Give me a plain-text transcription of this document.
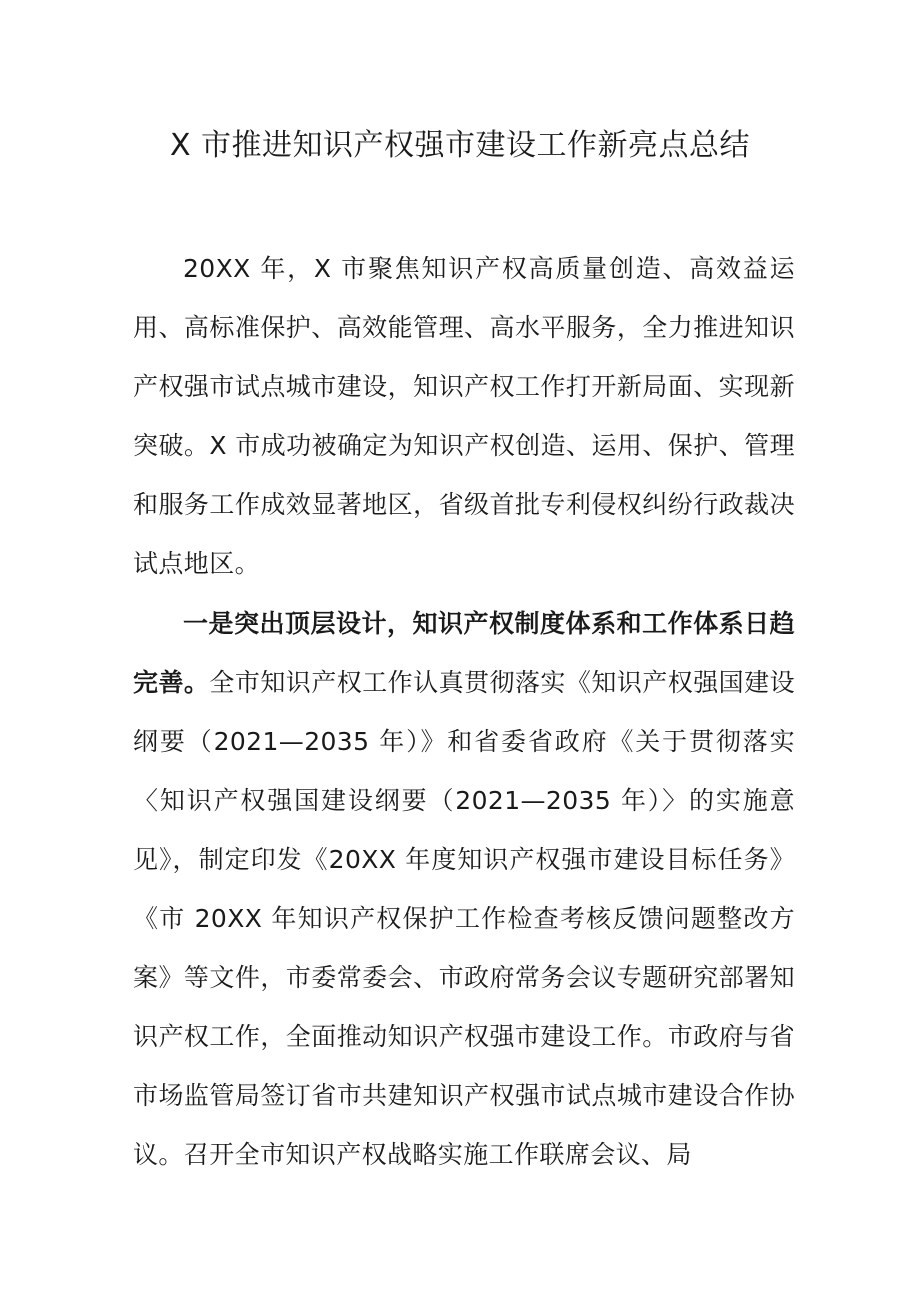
X 市推进知识产权强市建设工作新亮点总结

20XX 年，X 市聚焦知识产权高质量创造、高效益运用、高标准保护、高效能管理、高水平服务，全力推进知识产权强市试点城市建设，知识产权工作打开新局面、实现新突破。X 市成功被确定为知识产权创造、运用、保护、管理和服务工作成效显著地区，省级首批专利侵权纠纷行政裁决试点地区。

一是突出顶层设计，知识产权制度体系和工作体系日趋完善。全市知识产权工作认真贯彻落实《知识产权强国建设纲要（2021—2035 年）》和省委省政府《关于贯彻落实〈知识产权强国建设纲要（2021—2035 年）〉的实施意见》，制定印发《20XX 年度知识产权强市建设目标任务》《市 20XX 年知识产权保护工作检查考核反馈问题整改方案》等文件，市委常委会、市政府常务会议专题研究部署知识产权工作，全面推动知识产权强市建设工作。市政府与省市场监管局签订省市共建知识产权强市试点城市建设合作协议。召开全市知识产权战略实施工作联席会议、局
